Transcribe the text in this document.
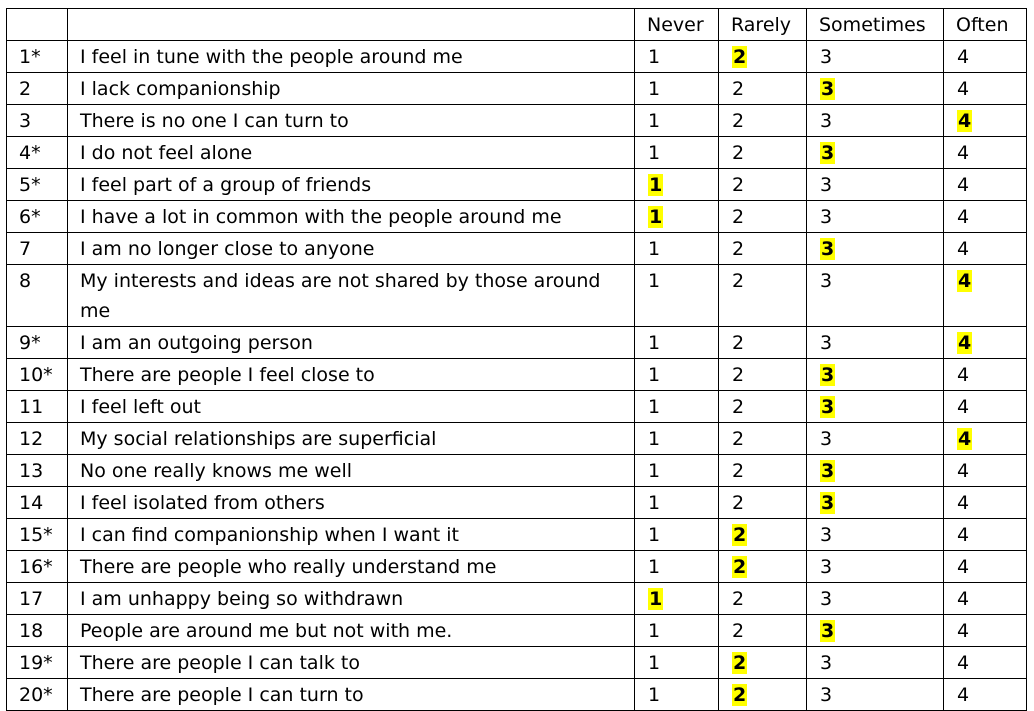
		Never	Rarely	Sometimes	Often
1*	I feel in tune with the people around me	1	2	3	4
2	I lack companionship	1	2	3	4
3	There is no one I can turn to	1	2	3	4
4*	I do not feel alone	1	2	3	4
5*	I feel part of a group of friends	1	2	3	4
6*	I have a lot in common with the people around me	1	2	3	4
7	I am no longer close to anyone	1	2	3	4
8	My interests and ideas are not shared by those around me	1	2	3	4
9*	I am an outgoing person	1	2	3	4
10*	There are people I feel close to	1	2	3	4
11	I feel left out	1	2	3	4
12	My social relationships are superficial	1	2	3	4
13	No one really knows me well	1	2	3	4
14	I feel isolated from others	1	2	3	4
15*	I can find companionship when I want it	1	2	3	4
16*	There are people who really understand me	1	2	3	4
17	I am unhappy being so withdrawn	1	2	3	4
18	People are around me but not with me.	1	2	3	4
19*	There are people I can talk to	1	2	3	4
20*	There are people I can turn to	1	2	3	4
